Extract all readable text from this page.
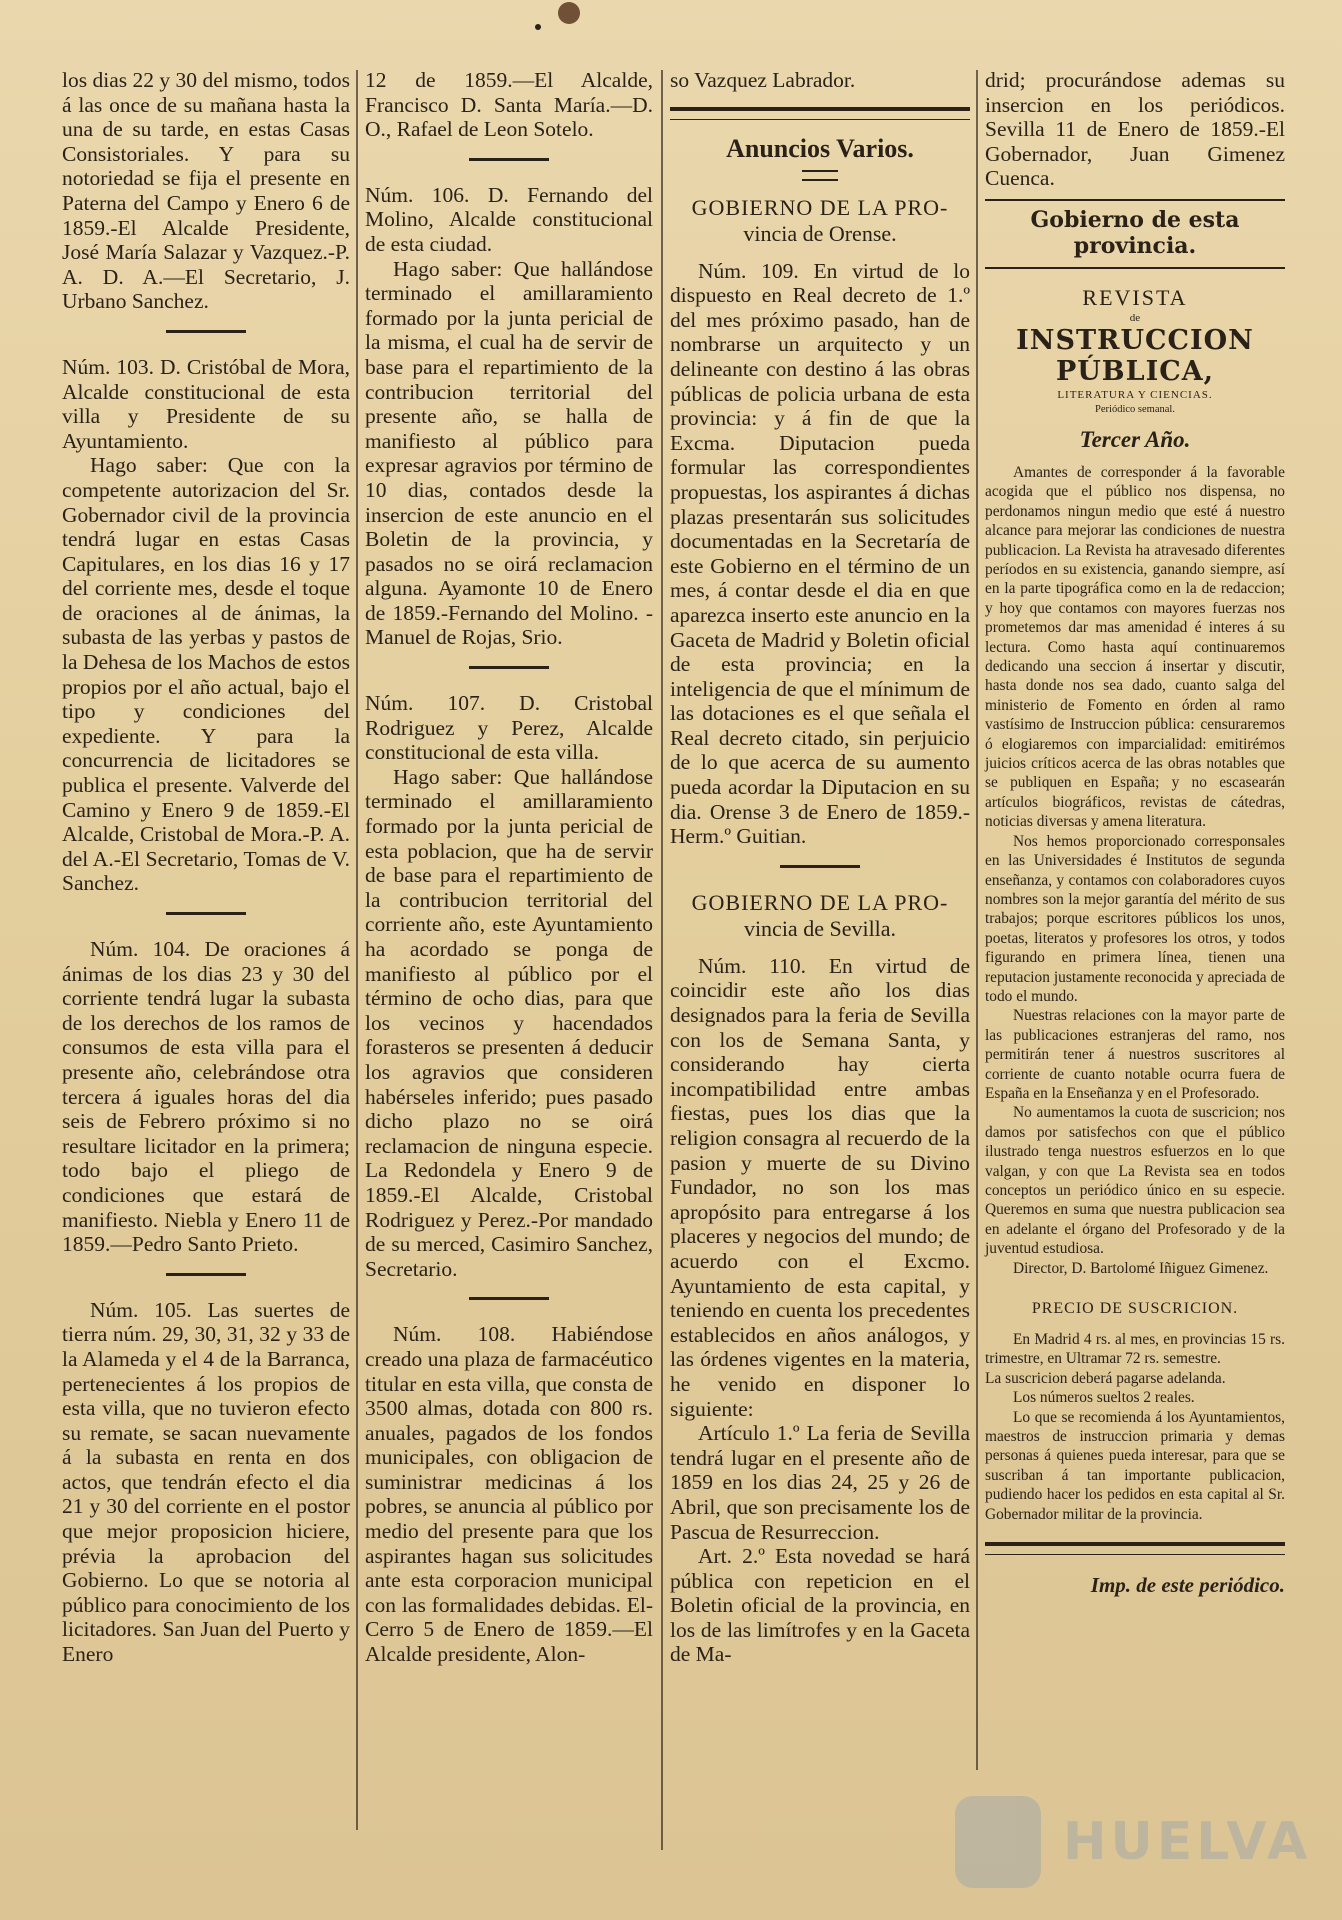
los dias 22 y 30 del mismo, todos á las once de su mañana hasta la una de su tarde, en estas Casas Consistoriales. Y para su notoriedad se fija el presente en Paterna del Campo y Enero 6 de 1859.-El Alcalde Presidente, José María Salazar y Vazquez.-P. A. D. A.—El Secretario, J. Urbano Sanchez.

Núm. 103. D. Cristóbal de Mora, Alcalde constitucional de esta villa y Presidente de su Ayuntamiento.

Hago saber: Que con la competente autorizacion del Sr. Gobernador civil de la provincia tendrá lugar en estas Casas Capitulares, en los dias 16 y 17 del corriente mes, desde el toque de oraciones al de ánimas, la subasta de las yerbas y pastos de la Dehesa de los Machos de estos propios por el año actual, bajo el tipo y condiciones del expediente. Y para la concurrencia de licitadores se publica el presente. Valverde del Camino y Enero 9 de 1859.-El Alcalde, Cristobal de Mora.-P. A. del A.-El Secretario, Tomas de V. Sanchez.

Núm. 104. De oraciones á ánimas de los dias 23 y 30 del corriente tendrá lugar la subasta de los derechos de los ramos de consumos de esta villa para el presente año, celebrándose otra tercera á iguales horas del dia seis de Febrero próximo si no resultare licitador en la primera; todo bajo el pliego de condiciones que estará de manifiesto. Niebla y Enero 11 de 1859.—Pedro Santo Prieto.

Núm. 105. Las suertes de tierra núm. 29, 30, 31, 32 y 33 de la Alameda y el 4 de la Barranca, pertenecientes á los propios de esta villa, que no tuvieron efecto su remate, se sacan nuevamente á la subasta en renta en dos actos, que tendrán efecto el dia 21 y 30 del corriente en el postor que mejor proposicion hiciere, prévia la aprobacion del Gobierno. Lo que se notoria al público para conocimiento de los licitadores. San Juan del Puerto y Enero

12 de 1859.—El Alcalde, Francisco D. Santa María.—D. O., Rafael de Leon Sotelo.

Núm. 106. D. Fernando del Molino, Alcalde constitucional de esta ciudad.

Hago saber: Que hallándose terminado el amillaramiento formado por la junta pericial de la misma, el cual ha de servir de base para el repartimiento de la contribucion territorial del presente año, se halla de manifiesto al público para expresar agravios por término de 10 dias, contados desde la insercion de este anuncio en el Boletin de la provincia, y pasados no se oirá reclamacion alguna. Ayamonte 10 de Enero de 1859.-Fernando del Molino. -Manuel de Rojas, Srio.

Núm. 107. D. Cristobal Rodriguez y Perez, Alcalde constitucional de esta villa.

Hago saber: Que hallándose terminado el amillaramiento formado por la junta pericial de esta poblacion, que ha de servir de base para el repartimiento de la contribucion territorial del corriente año, este Ayuntamiento ha acordado se ponga de manifiesto al público por el término de ocho dias, para que los vecinos y hacendados forasteros se presenten á deducir los agravios que consideren habérseles inferido; pues pasado dicho plazo no se oirá reclamacion de ninguna especie. La Redondela y Enero 9 de 1859.-El Alcalde, Cristobal Rodriguez y Perez.-Por mandado de su merced, Casimiro Sanchez, Secretario.

Núm. 108. Habiéndose creado una plaza de farmacéutico titular en esta villa, que consta de 3500 almas, dotada con 800 rs. anuales, pagados de los fondos municipales, con obligacion de suministrar medicinas á los pobres, se anuncia al público por medio del presente para que los aspirantes hagan sus solicitudes ante esta corporacion municipal con las formalidades debidas. El-Cerro 5 de Enero de 1859.—El Alcalde presidente, Alon-

so Vazquez Labrador.

Anuncios Varios.
GOBIERNO DE LA PRO-
vincia de Orense.

Núm. 109. En virtud de lo dispuesto en Real decreto de 1.º del mes próximo pasado, han de nombrarse un arquitecto y un delineante con destino á las obras públicas de policia urbana de esta provincia: y á fin de que la Excma. Diputacion pueda formular las correspondientes propuestas, los aspirantes á dichas plazas presentarán sus solicitudes documentadas en la Secretaría de este Gobierno en el término de un mes, á contar desde el dia en que aparezca inserto este anuncio en la Gaceta de Madrid y Boletin oficial de esta provincia; en la inteligencia de que el mínimum de las dotaciones es el que señala el Real decreto citado, sin perjuicio de lo que acerca de su aumento pueda acordar la Diputacion en su dia. Orense 3 de Enero de 1859.-Herm.º Guitian.

GOBIERNO DE LA PRO-
vincia de Sevilla.

Núm. 110. En virtud de coincidir este año los dias designados para la feria de Sevilla con los de Semana Santa, y considerando hay cierta incompatibilidad entre ambas fiestas, pues los dias que la religion consagra al recuerdo de la pasion y muerte de su Divino Fundador, no son los mas apropósito para entregarse á los placeres y negocios del mundo; de acuerdo con el Excmo. Ayuntamiento de esta capital, y teniendo en cuenta los precedentes establecidos en años análogos, y las órdenes vigentes en la materia, he venido en disponer lo siguiente:

Artículo 1.º La feria de Sevilla tendrá lugar en el presente año de 1859 en los dias 24, 25 y 26 de Abril, que son precisamente los de Pascua de Resurreccion.

Art. 2.º Esta novedad se hará pública con repeticion en el Boletin oficial de la provincia, en los de las limítrofes y en la Gaceta de Ma-

drid; procurándose ademas su insercion en los periódicos. Sevilla 11 de Enero de 1859.-El Gobernador, Juan Gimenez Cuenca.

Gobierno de esta provincia.
REVISTA
de
INSTRUCCION PÚBLICA,
LITERATURA Y CIENCIAS.
Periódico semanal.
Tercer Año.

Amantes de corresponder á la favorable acogida que el público nos dispensa, no perdonamos ningun medio que esté á nuestro alcance para mejorar las condiciones de nuestra publicacion. La Revista ha atravesado diferentes períodos en su existencia, ganando siempre, así en la parte tipográfica como en la de redaccion; y hoy que contamos con mayores fuerzas nos prometemos dar mas amenidad é interes á su lectura. Como hasta aquí continuaremos dedicando una seccion á insertar y discutir, hasta donde nos sea dado, cuanto salga del ministerio de Fomento en órden al ramo vastísimo de Instruccion pública: censuraremos ó elogiaremos con imparcialidad: emitirémos juicios críticos acerca de las obras notables que se publiquen en España; y no escasearán artículos biográficos, revistas de cátedras, noticias diversas y amena literatura.

Nos hemos proporcionado corresponsales en las Universidades é Institutos de segunda enseñanza, y contamos con colaboradores cuyos nombres son la mejor garantía del mérito de sus trabajos; porque escritores públicos los unos, poetas, literatos y profesores los otros, y todos figurando en primera línea, tienen una reputacion justamente reconocida y apreciada de todo el mundo.

Nuestras relaciones con la mayor parte de las publicaciones estranjeras del ramo, nos permitirán tener á nuestros suscritores al corriente de cuanto notable ocurra fuera de España en la Enseñanza y en el Profesorado.

No aumentamos la cuota de suscricion; nos damos por satisfechos con que el público ilustrado tenga nuestros esfuerzos en lo que valgan, y con que La Revista sea en todos conceptos un periódico único en su especie. Queremos en suma que nuestra publicacion sea en adelante el órgano del Profesorado y de la juventud estudiosa.

Director, D. Bartolomé Iñiguez Gimenez.

PRECIO DE SUSCRICION.

En Madrid 4 rs. al mes, en provincias 15 rs. trimestre, en Ultramar 72 rs. semestre.

La suscricion deberá pagarse adelanda.

Los números sueltos 2 reales.

Lo que se recomienda á los Ayuntamientos, maestros de instruccion primaria y demas personas á quienes pueda interesar, para que se suscriban á tan importante publicacion, pudiendo hacer los pedidos en esta capital al Sr. Gobernador militar de la provincia.

Imp. de este periódico.
HUELVA
